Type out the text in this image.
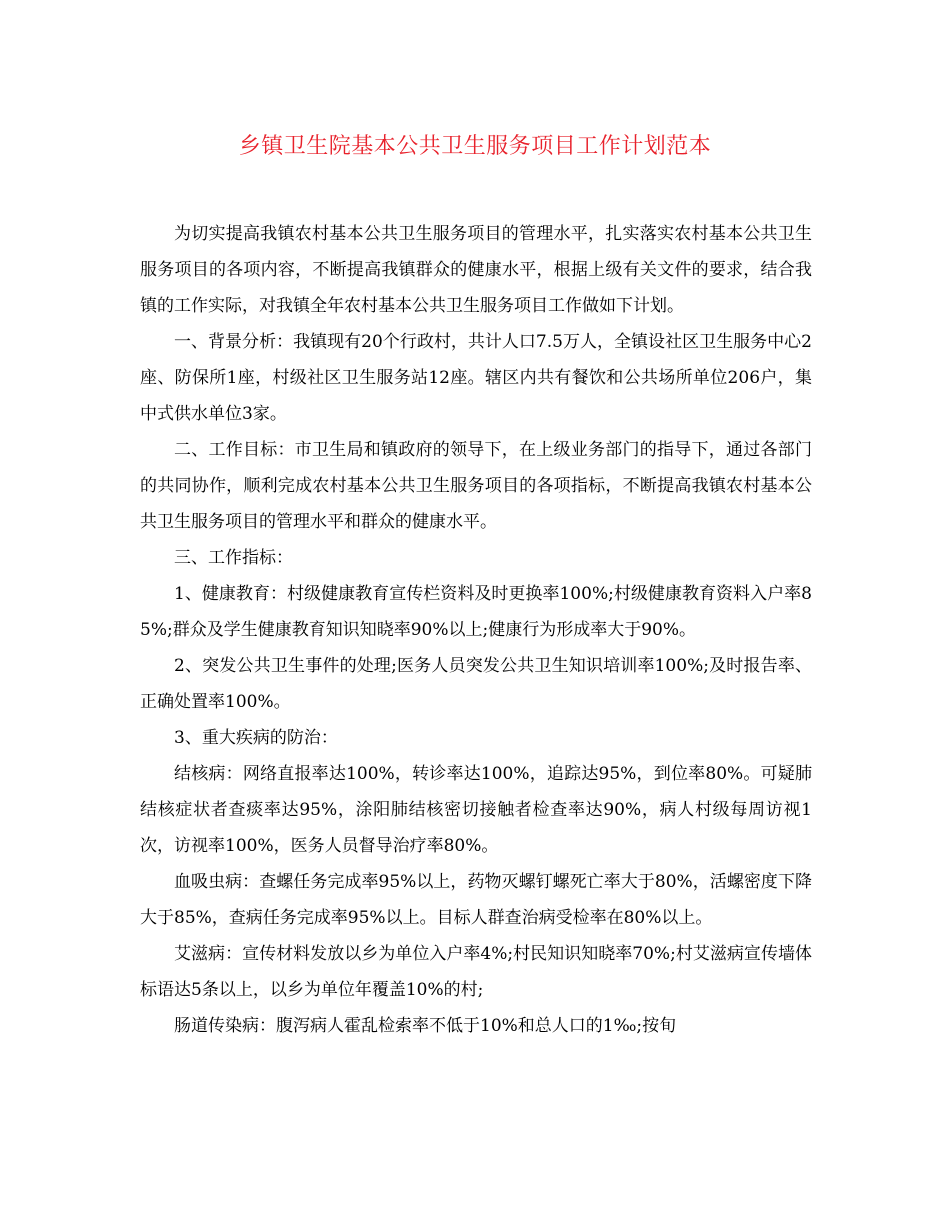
乡镇卫生院基本公共卫生服务项目工作计划范本

为切实提高我镇农村基本公共卫生服务项目的管理水平，扎实落实农村基本公共卫生服务项目的各项内容，不断提高我镇群众的健康水平，根据上级有关文件的要求，结合我镇的工作实际，对我镇全年农村基本公共卫生服务项目工作做如下计划。

一、背景分析：我镇现有20个行政村，共计人口7.5万人，全镇设社区卫生服务中心2座、防保所1座，村级社区卫生服务站12座。辖区内共有餐饮和公共场所单位206户，集中式供水单位3家。

二、工作目标：市卫生局和镇政府的领导下，在上级业务部门的指导下，通过各部门的共同协作，顺利完成农村基本公共卫生服务项目的各项指标，不断提高我镇农村基本公共卫生服务项目的管理水平和群众的健康水平。

三、工作指标：

1、健康教育：村级健康教育宣传栏资料及时更换率100%;村级健康教育资料入户率85%;群众及学生健康教育知识知晓率90%以上;健康行为形成率大于90%。

2、突发公共卫生事件的处理;医务人员突发公共卫生知识培训率100%;及时报告率、正确处置率100%。

3、重大疾病的防治：

结核病：网络直报率达100%，转诊率达100%，追踪达95%，到位率80%。可疑肺结核症状者查痰率达95%，涂阳肺结核密切接触者检查率达90%，病人村级每周访视1次，访视率100%，医务人员督导治疗率80%。

血吸虫病：查螺任务完成率95%以上，药物灭螺钉螺死亡率大于80%，活螺密度下降大于85%，查病任务完成率95%以上。目标人群查治病受检率在80%以上。

艾滋病：宣传材料发放以乡为单位入户率4%;村民知识知晓率70%;村艾滋病宣传墙体标语达5条以上，以乡为单位年覆盖10%的村;

肠道传染病：腹泻病人霍乱检索率不低于10%和总人口的1‰;按旬
